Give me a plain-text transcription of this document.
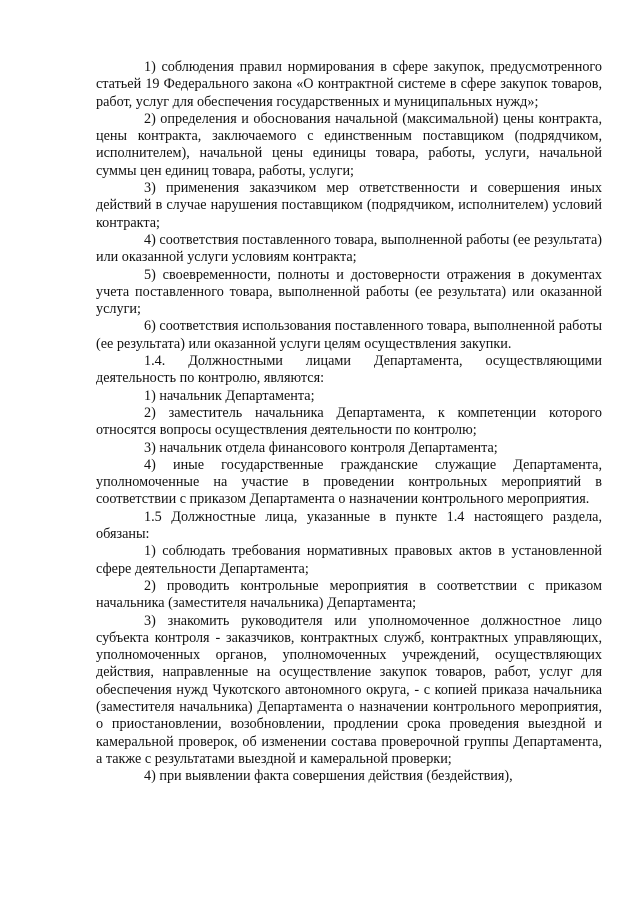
1) соблюдения правил нормирования в сфере закупок, предусмотренного статьей 19 Федерального закона «О контрактной системе в сфере закупок товаров, работ, услуг для обеспечения государственных и муниципальных нужд»;

2) определения и обоснования начальной (максимальной) цены контракта, цены контракта, заключаемого с единственным поставщиком (подрядчиком, исполнителем), начальной цены единицы товара, работы, услуги, начальной суммы цен единиц товара, работы, услуги;

3) применения заказчиком мер ответственности и совершения иных действий в случае нарушения поставщиком (подрядчиком, исполнителем) условий контракта;

4) соответствия поставленного товара, выполненной работы (ее результата) или оказанной услуги условиям контракта;

5) своевременности, полноты и достоверности отражения в документах учета поставленного товара, выполненной работы (ее результата) или оказанной услуги;

6) соответствия использования поставленного товара, выполненной работы (ее результата) или оказанной услуги целям осуществления закупки.

1.4. Должностными лицами Департамента, осуществляющими деятельность по контролю, являются:

1) начальник Департамента;

2) заместитель начальника Департамента, к компетенции которого относятся вопросы осуществления деятельности по контролю;

3) начальник отдела финансового контроля Департамента;

4) иные государственные гражданские служащие Департамента, уполномоченные на участие в проведении контрольных мероприятий в соответствии с приказом Департамента о назначении контрольного мероприятия.

1.5 Должностные лица, указанные в пункте 1.4 настоящего раздела, обязаны:

1) соблюдать требования нормативных правовых актов в установленной сфере деятельности Департамента;

2) проводить контрольные мероприятия в соответствии с приказом начальника (заместителя начальника) Департамента;

3) знакомить руководителя или уполномоченное должностное лицо субъекта контроля - заказчиков, контрактных служб, контрактных управляющих, уполномоченных органов, уполномоченных учреждений, осуществляющих действия, направленные на осуществление закупок товаров, работ, услуг для обеспечения нужд Чукотского автономного округа, - с копией приказа начальника (заместителя начальника) Департамента о назначении контрольного мероприятия, о приостановлении, возобновлении, продлении срока проведения выездной и камеральной проверок, об изменении состава проверочной группы Департамента, а также с результатами выездной и камеральной проверки;

4) при выявлении факта совершения действия (бездействия),
